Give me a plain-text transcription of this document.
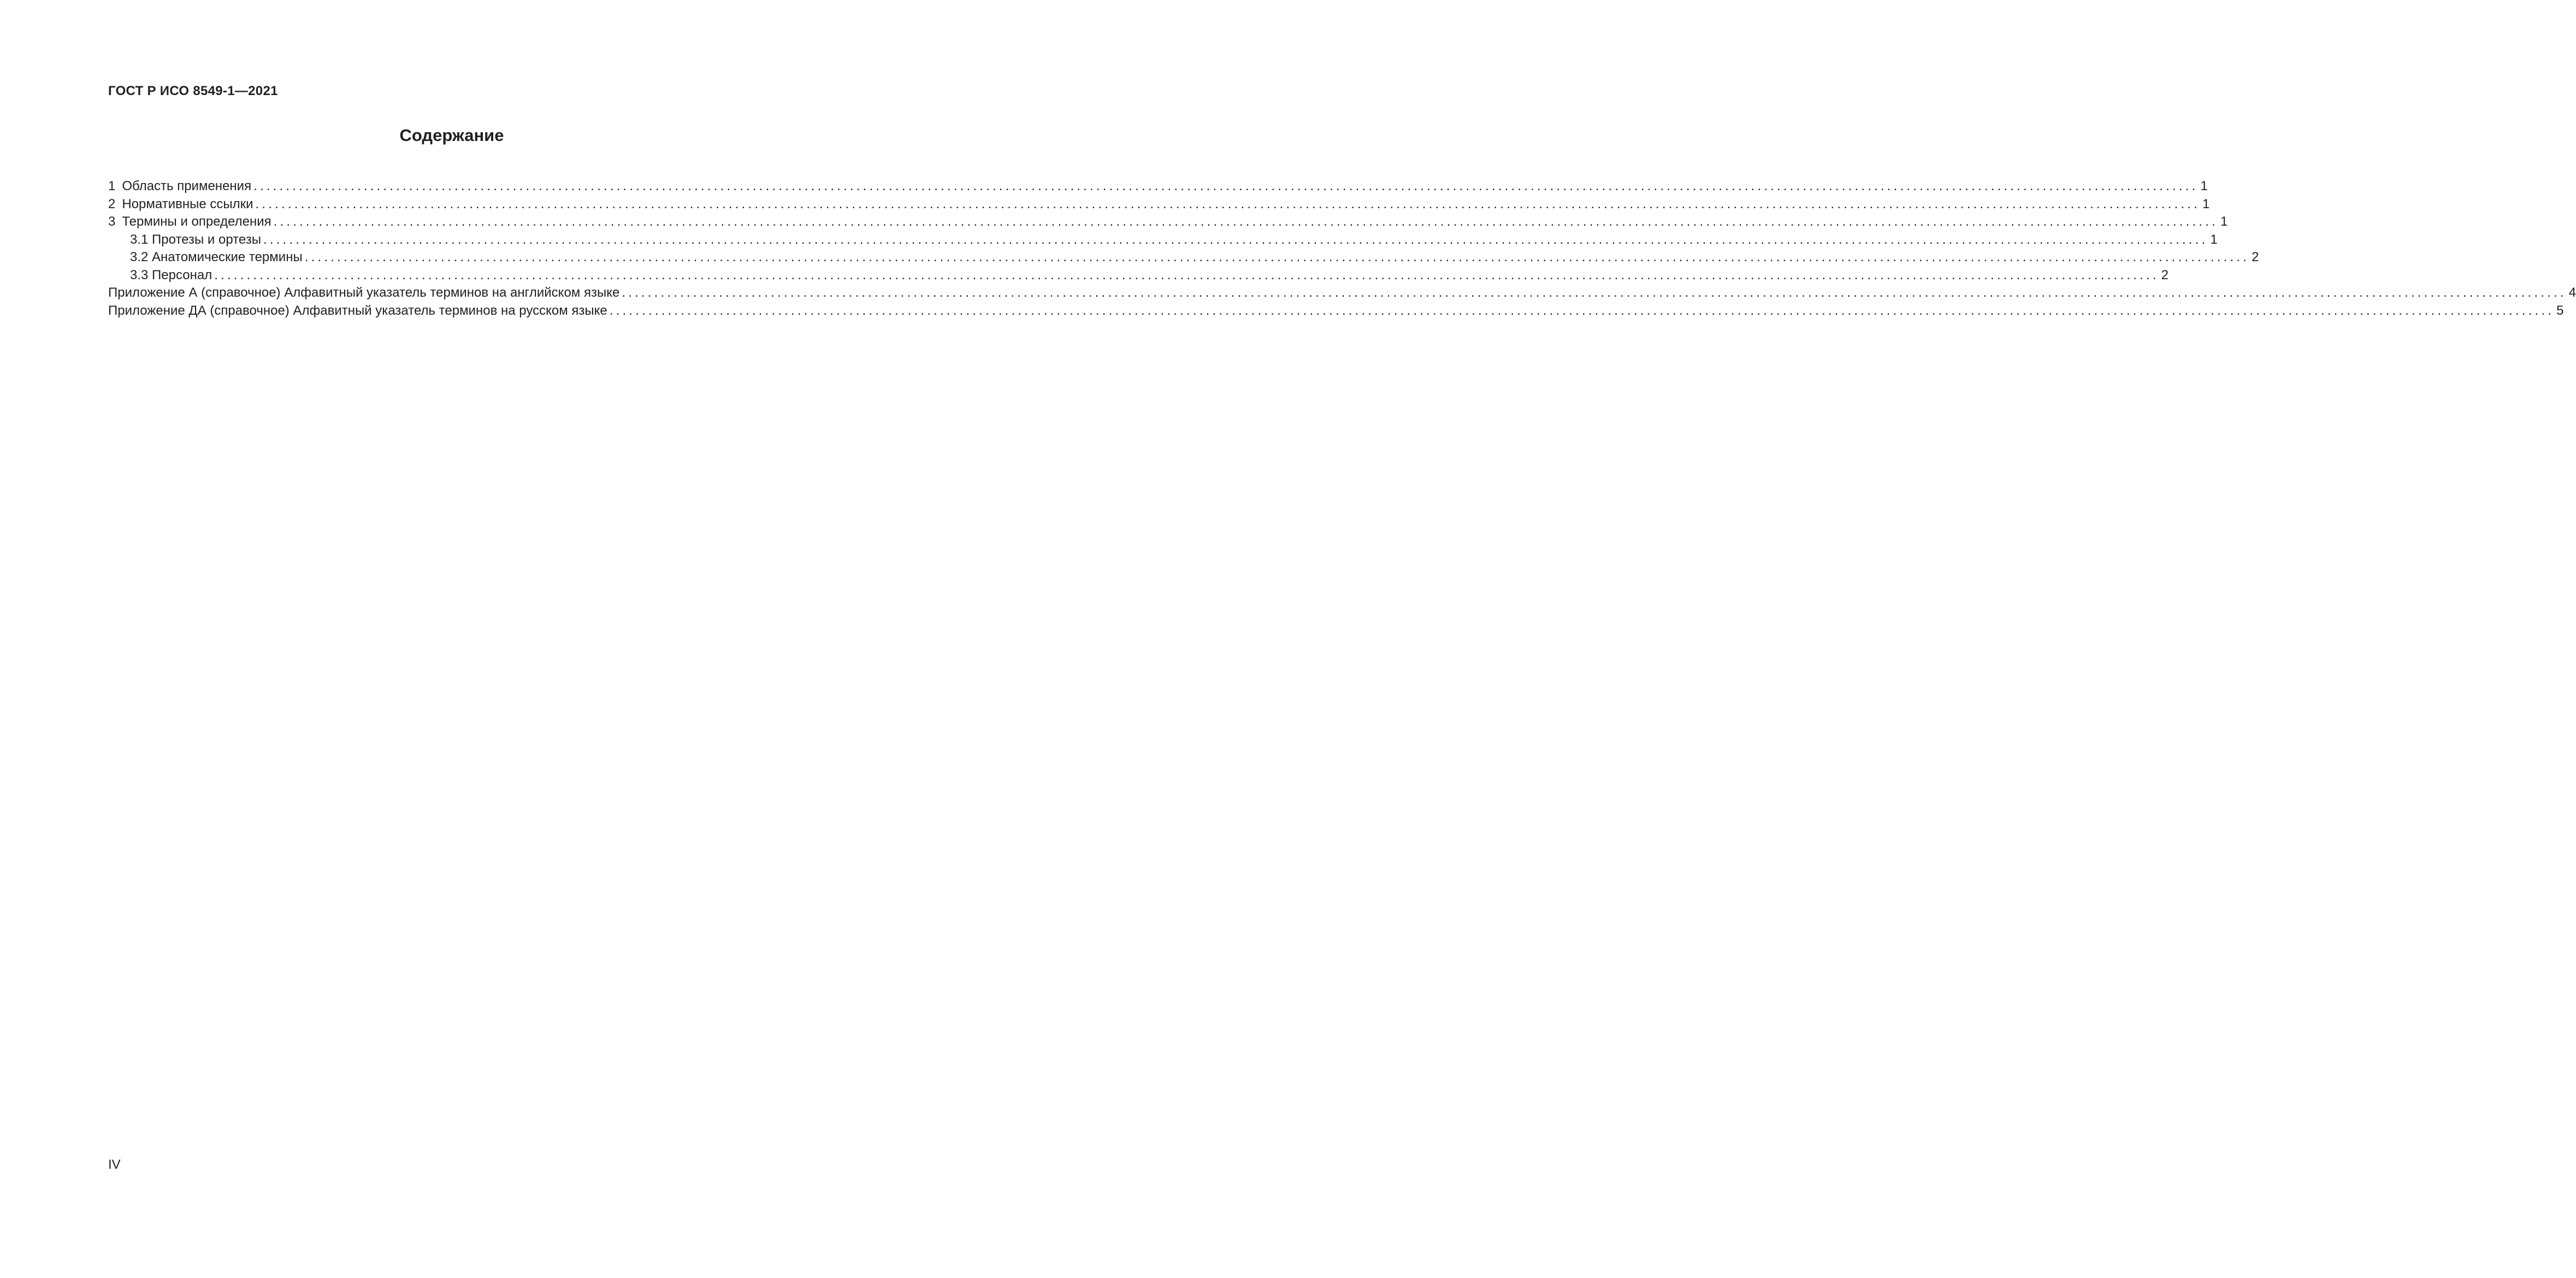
ГОСТ Р ИСО 8549-1—2021
Содержание
1 Область применения ............................................................................................................................................................................................................................................................................................................ 1
2 Нормативные ссылки ............................................................................................................................................................................................................................................................................................................ 1
3 Термины и определения ............................................................................................................................................................................................................................................................................................................ 1
3.1 Протезы и ортезы ............................................................................................................................................................................................................................................................................................................ 1
3.2 Анатомические термины ............................................................................................................................................................................................................................................................................................................ 2
3.3 Персонал ............................................................................................................................................................................................................................................................................................................ 2
Приложение А (справочное) Алфавитный указатель терминов на английском языке ............................................................................................................................................................................................................................................................................................................ 4
Приложение ДА (справочное) Алфавитный указатель терминов на русском языке ............................................................................................................................................................................................................................................................................................................ 5
IV
